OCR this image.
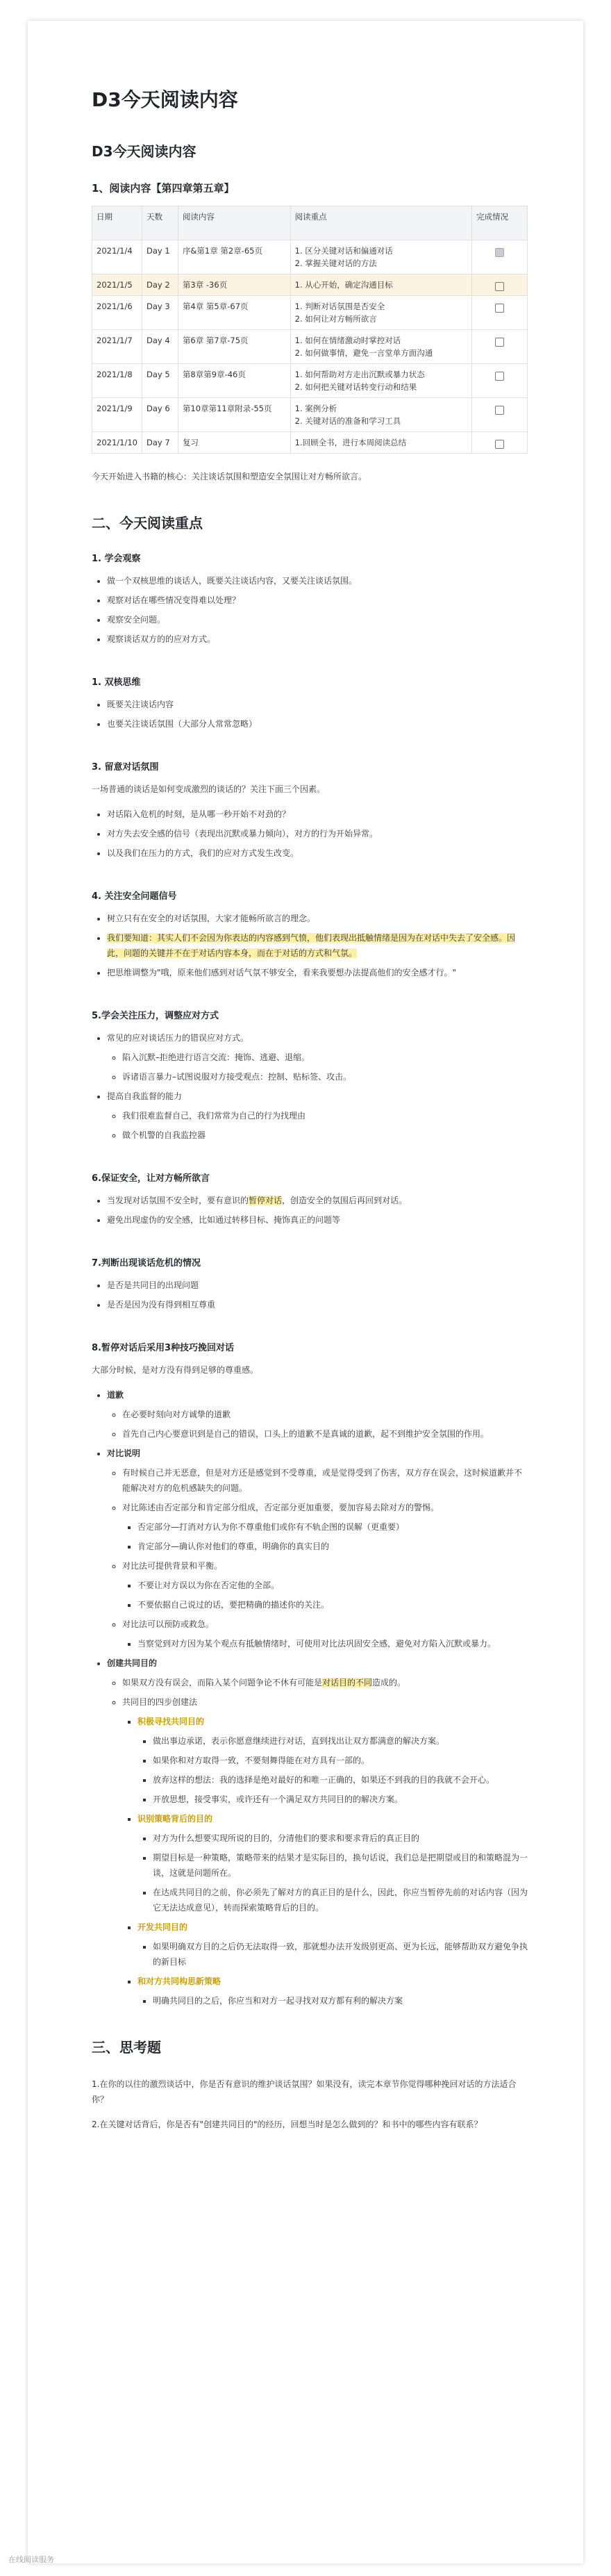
D3今天阅读内容
D3今天阅读内容
1、阅读内容【第四章第五章】
日期	天数	阅读内容	阅读重点	完成情况
2021/1/4	Day 1	序&第1章 第2章-65页	1. 区分关键对话和偏通对话
2. 掌握关键对话的方法	

2021/1/5	Day 2	第3章 -36页	1. 从心开始，确定沟通目标	

2021/1/6	Day 3	第4章 第5章-67页	1. 判断对话氛围是否安全
2. 如何让对方畅所欲言	

2021/1/7	Day 4	第6章 第7章-75页	1. 如何在情绪激动时掌控对话
2. 如何做事情，避免一言堂单方面沟通	

2021/1/8	Day 5	第8章第9章-46页	1. 如何帮助对方走出沉默或暴力状态
2. 如何把关键对话转变行动和结果	

2021/1/9	Day 6	第10章第11章附录-55页	1. 案例分析
2. 关键对话的准备和学习工具	

2021/1/10	Day 7	复习	1.回顾全书，进行本周阅读总结	

今天开始进入书籍的核心：关注谈话氛围和塑造安全氛围让对方畅所欲言。

二、今天阅读重点
1. 学会观察
• 做一个双核思维的谈话人，既要关注谈话内容，又要关注谈话氛围。
• 观察对话在哪些情况变得难以处理？
• 观察安全问题。
• 观察谈话双方的的应对方式。
1. 双核思维
• 既要关注谈话内容
• 也要关注谈话氛围（大部分人常常忽略）
3. 留意对话氛围

一场普通的谈话是如何变成激烈的谈话的？关注下面三个因素。

• 对话陷入危机的时刻，是从哪一秒开始不对劲的？
• 对方失去安全感的信号（表现出沉默或暴力倾向），对方的行为开始异常。
• 以及我们在压力的方式，我们的应对方式发生改变。
4. 关注安全问题信号
• 树立只有在安全的对话氛围，大家才能畅所欲言的理念。
• 我们要知道：其实人们不会因为你表达的内容感到气愤，他们表现出抵触情绪是因为在对话中失去了安全感。因此，问题的关键并不在于对话内容本身，而在于对话的方式和气氛。
• 把思维调整为"哦，原来他们感到对话气氛不够安全，看来我要想办法提高他们的安全感才行。"
5.学会关注压力，调整应对方式
• 常见的应对谈话压力的错误应对方式。
◦ 陷入沉默–拒绝进行语言交流：掩饰、逃避、退缩。
◦ 诉诸语言暴力–试图说服对方接受观点：控制、贴标签、攻击。
• 提高自我监督的能力
◦ 我们很难监督自己，我们常常为自己的行为找理由
◦ 做个机警的自我监控器
6.保证安全，让对方畅所欲言
• 当发现对话氛围不安全时，要有意识的暂停对话，创造安全的氛围后再回到对话。
• 避免出现虚伪的安全感，比如通过转移目标、掩饰真正的问题等
7.判断出现谈话危机的情况
• 是否是共同目的出现问题
• 是否是因为没有得到相互尊重
8.暂停对话后采用3种技巧挽回对话

大部分时候，是对方没有得到足够的尊重感。

• 道歉
◦ 在必要时刻向对方诚挚的道歉
◦ 首先自己内心要意识到是自己的错误，口头上的道歉不是真诚的道歉，起不到维护安全氛围的作用。
• 对比说明
◦ 有时候自己并无恶意，但是对方还是感觉到不受尊重，或是觉得受到了伤害，双方存在误会，这时候道歉并不能解决对方的危机感缺失的问题。
◦ 对比陈述由否定部分和肯定部分组成，否定部分更加重要，要加容易去除对方的警惕。
▪ 否定部分—打消对方认为你不尊重他们或你有不轨企图的误解（更重要）
▪ 肯定部分—确认你对他们的尊重，明确你的真实目的
◦ 对比法可提供背景和平衡。
▪ 不要让对方误以为你在否定他的全部。
▪ 不要依据自己说过的话，要把精确的描述你的关注。
◦ 对比法可以预防或救急。
▪ 当察觉到对方因为某个观点有抵触情绪时，可使用对比法巩固安全感，避免对方陷入沉默或暴力。
• 创建共同目的
◦ 如果双方没有误会，而陷入某个问题争论不休有可能是对话目的不同造成的。
◦ 共同目的四步创建法
▪ 积极寻找共同目的
▪ 做出事边承诺，表示你愿意继续进行对话，直到找出让双方都满意的解决方案。
▪ 如果你和对方取得一致，不要刻舞得能在对方具有一部的。
▪ 放弃这样的想法：我的选择是绝对最好的和唯一正确的，如果还不到我的目的我就不会开心。
▪ 开放思想，接受事实，或许还有一个满足双方共同目的的解决方案。
▪ 识别策略背后的目的
▪ 对方为什么想要实现所说的目的，分清他们的要求和要求背后的真正目的
▪ 期望目标是一种策略，策略带来的结果才是实际目的，换句话说，我们总是把期望或目的和策略混为一谈，这就是问题所在。
▪ 在达成共同目的之前，你必须先了解对方的真正目的是什么，因此，你应当暂停先前的对话内容（因为它无法达成意见），转而探索策略背后的目的。
▪ 开发共同目的
▪ 如果明确双方目的之后仍无法取得一致，那就想办法开发级别更高、更为长远，能够帮助双方避免争执的新目标
▪ 和对方共同构思新策略
▪ 明确共同目的之后，你应当和对方一起寻找对双方都有利的解决方案
三、思考题

1.在你的以往的激烈谈话中，你是否有意识的维护谈话氛围？如果没有，读完本章节你觉得哪种挽回对话的方法适合你？

2.在关键对话背后，你是否有"创建共同目的"的经历，回想当时是怎么做到的？和书中的哪些内容有联系？

在线阅读服务
